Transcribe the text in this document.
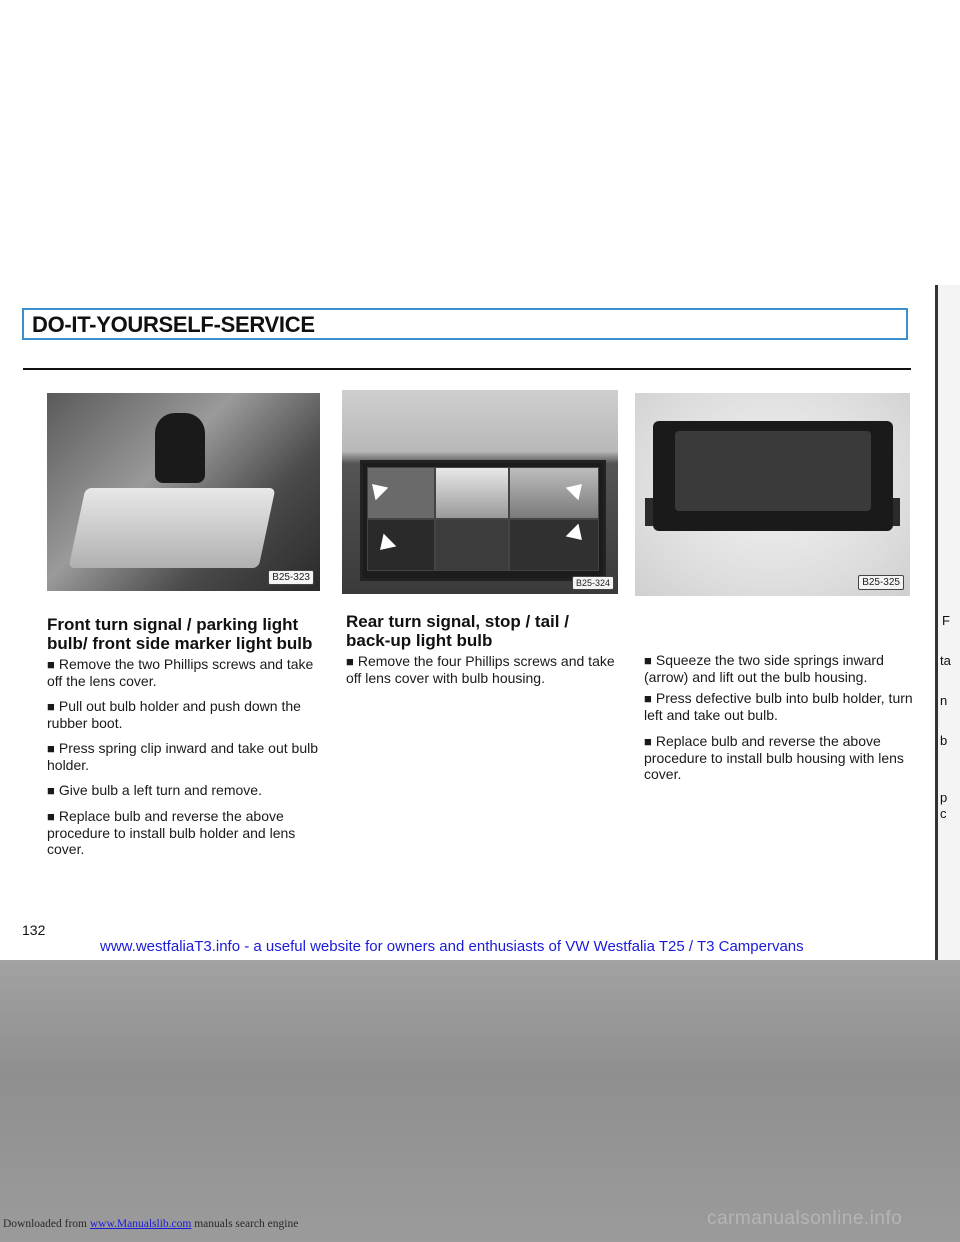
F
ta
n
b
p
c
DO-IT-YOURSELF-SERVICE
B25-323	B25-324	B25-325
Front turn signal / parking light bulb/ front side marker light bulb
■ Remove the two Phillips screws and take off the lens cover.
■ Pull out bulb holder and push down the rubber boot.
■ Press spring clip inward and take out bulb holder.
■ Give bulb a left turn and remove.
■ Replace bulb and reverse the above procedure to install bulb holder and lens cover.
Rear turn signal, stop / tail / back-up light bulb
■ Remove the four Phillips screws and take off lens cover with bulb housing.
■ Squeeze the two side springs inward (arrow) and lift out the bulb housing.
■ Press defective bulb into bulb holder, turn left and take out bulb.
■ Replace bulb and reverse the above procedure to install bulb housing with lens cover.
132
www.westfaliaT3.info - a useful website for owners and enthusiasts of VW Westfalia T25 / T3 Campervans
Downloaded from www.Manualslib.com manuals search engine	carmanualsonline.info
